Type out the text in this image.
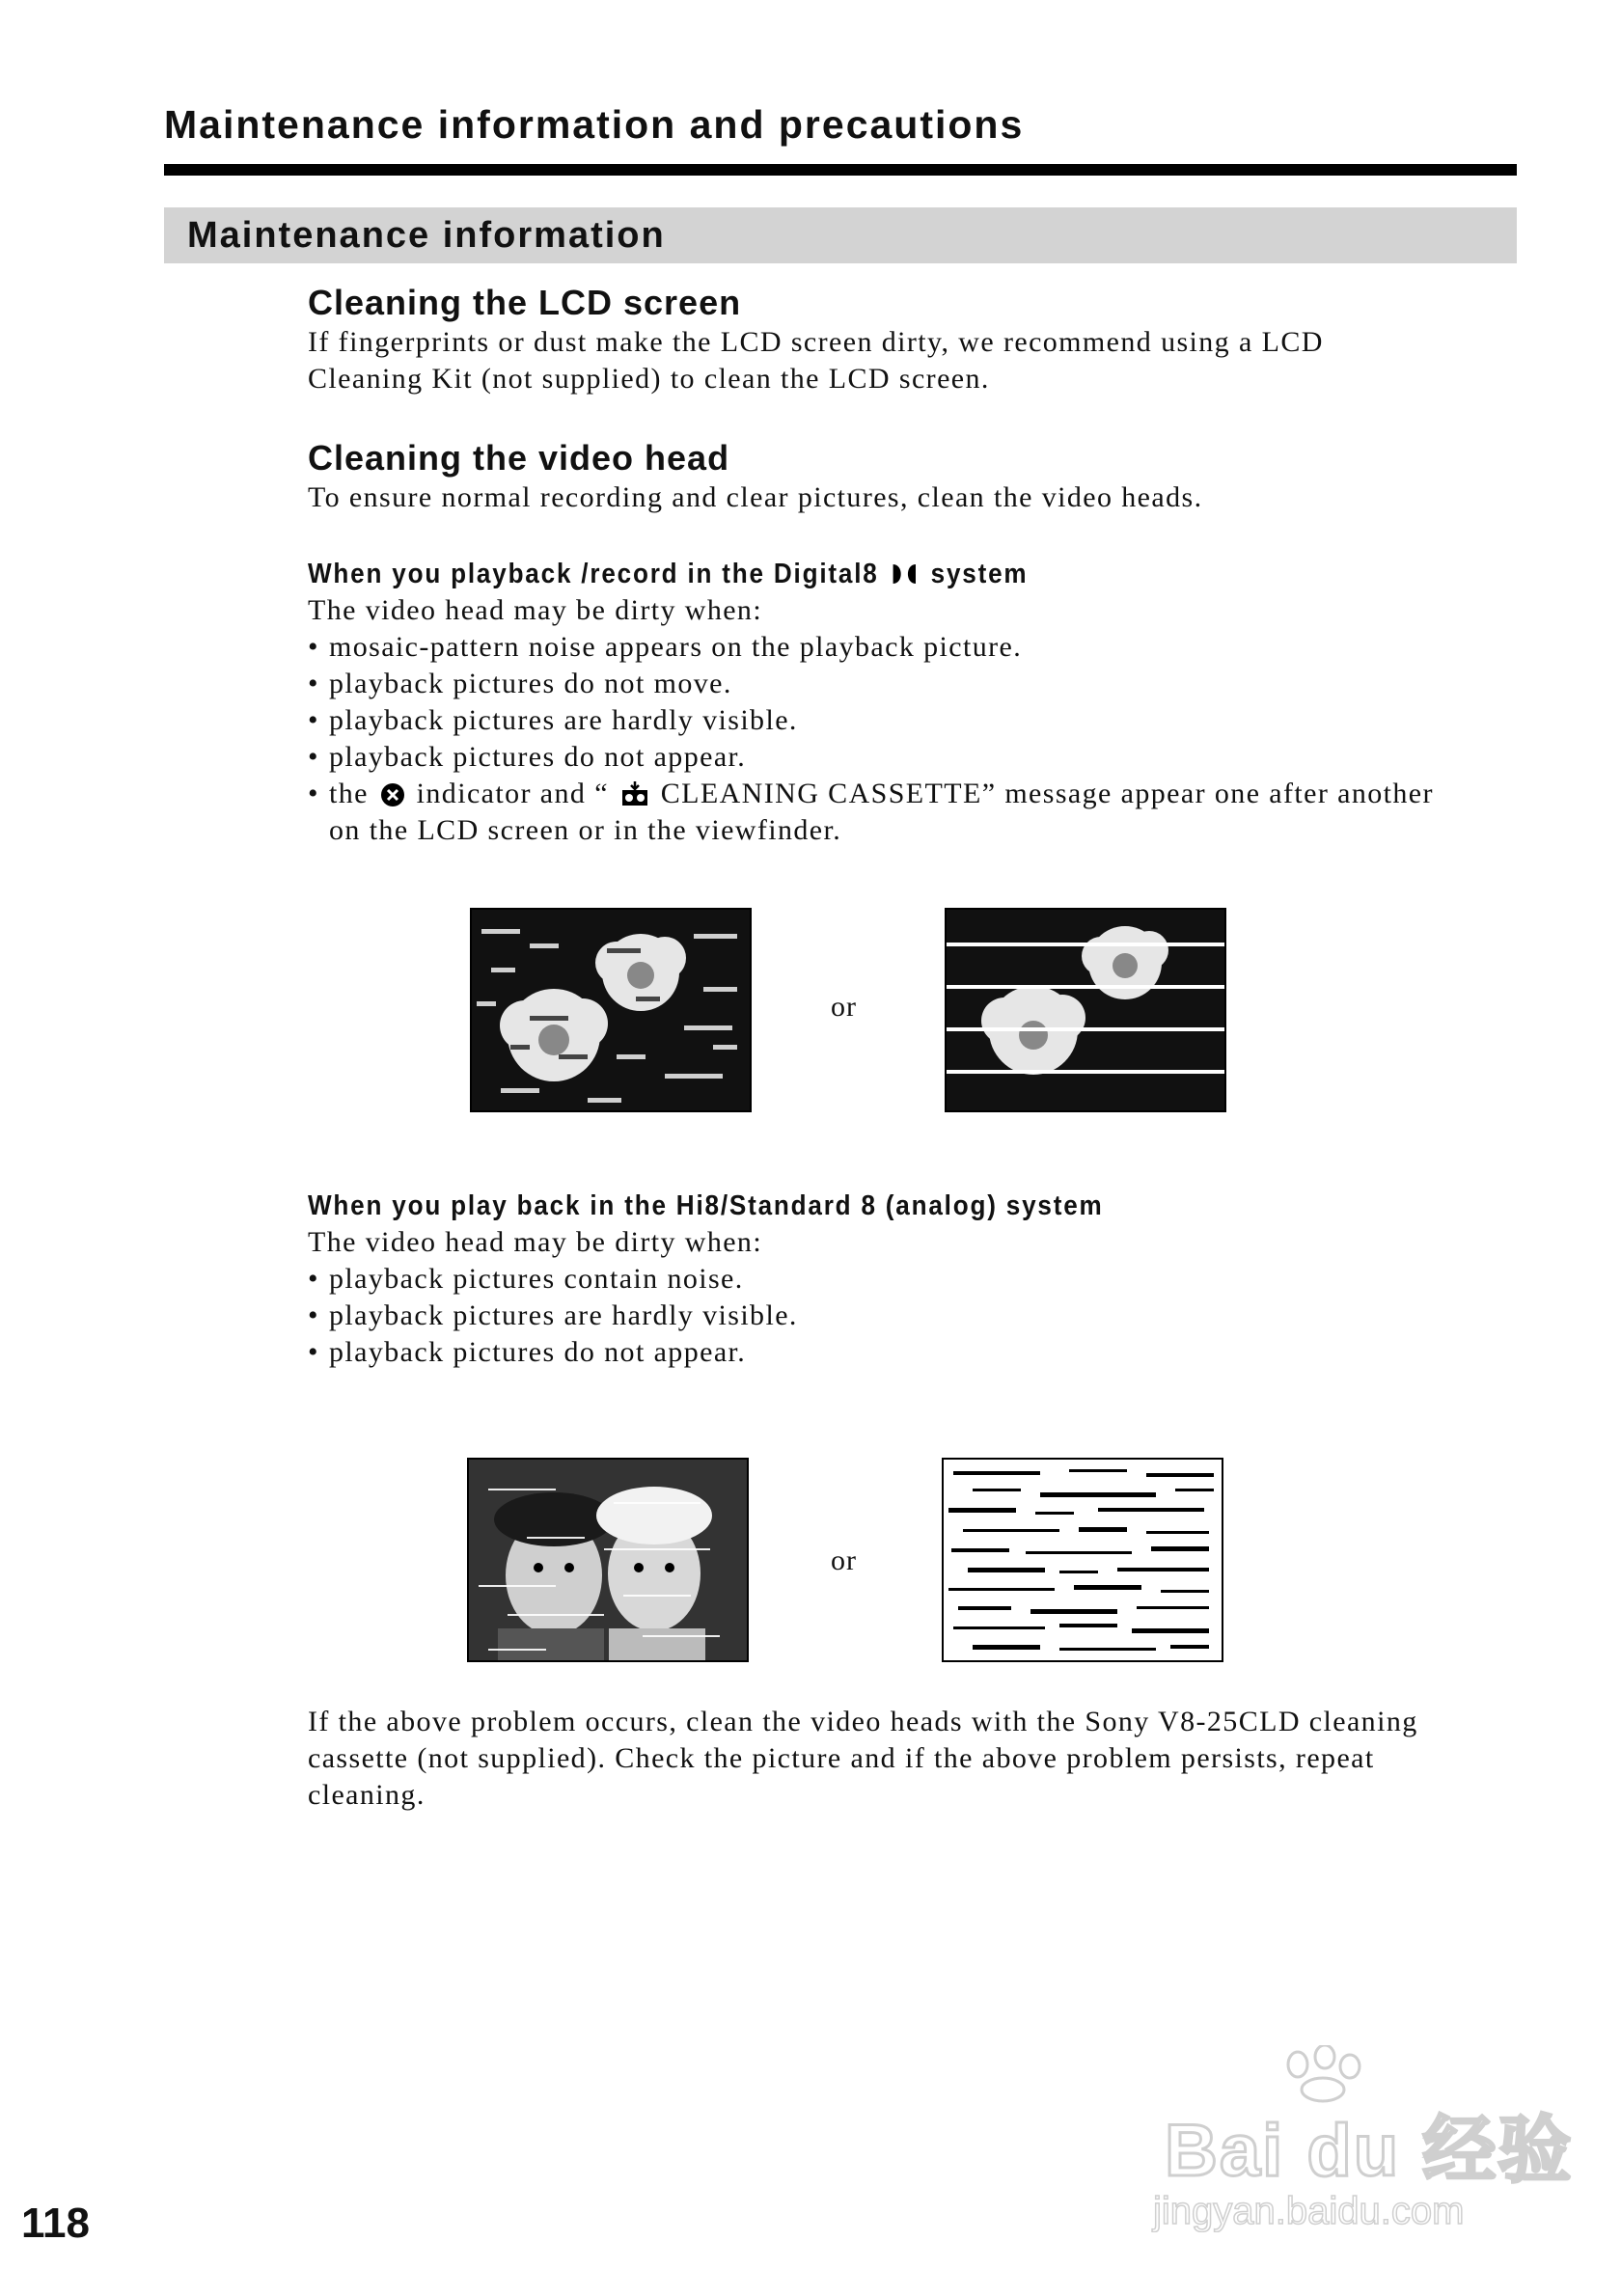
Maintenance information and precautions
Maintenance information
Cleaning the LCD screen

If fingerprints or dust make the LCD screen dirty, we recommend using a LCD

Cleaning Kit (not supplied) to clean the LCD screen.

Cleaning the video head

To ensure normal recording and clear pictures, clean the video heads.

When you playback /record in the Digital8 system

The video head may be dirty when:

• mosaic-pattern noise appears on the playback picture.

• playback pictures do not move.

• playback pictures are hardly visible.

• playback pictures do not appear.

• the indicator and “ CLEANING CASSETTE” message appear one after another

on the LCD screen or in the viewfinder.

or
When you play back in the Hi8/Standard 8 (analog) system

The video head may be dirty when:

• playback pictures contain noise.

• playback pictures are hardly visible.

• playback pictures do not appear.

or

If the above problem occurs, clean the video heads with the Sony V8-25CLD cleaning

cassette (not supplied). Check the picture and if the above problem persists, repeat

cleaning.

118
Bai du 经验
jingyan.baidu.com
